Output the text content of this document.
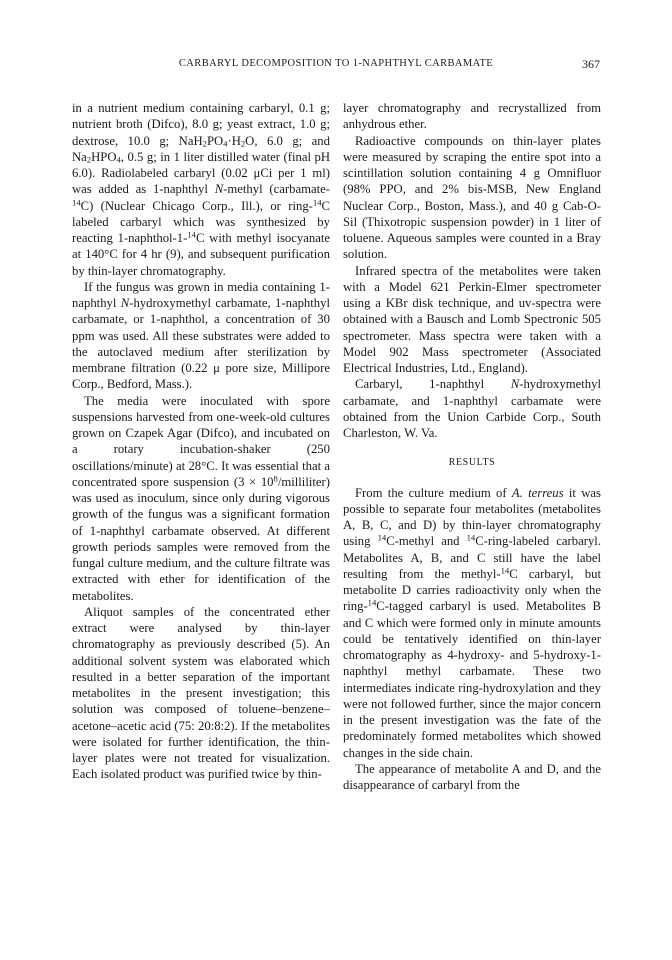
CARBARYL DECOMPOSITION TO 1-NAPHTHYL CARBAMATE	367

in a nutrient medium containing carbaryl, 0.1 g; nutrient broth (Difco), 8.0 g; yeast extract, 1.0 g; dextrose, 10.0 g; $NaH_2PO_4\cdot H_2O$, 6.0 g; and $Na_2HPO_4$, 0.5 g; in 1 liter distilled water (final pH 6.0). Radiolabeled carbaryl (0.02 μCi per 1 ml) was added as 1-naphthyl N-methyl (carbamate-$^{14}$C) (Nuclear Chicago Corp., Ill.), or ring-$^{14}$C labeled carbaryl which was synthesized by reacting 1-naphthol-1-$^{14}$C with methyl isocyanate at 140°C for 4 hr (9), and subsequent purification by thin-layer chromatography.

If the fungus was grown in media containing 1-naphthyl N-hydroxymethyl carbamate, 1-naphthyl carbamate, or 1-naphthol, a concentration of 30 ppm was used. All these substrates were added to the autoclaved medium after sterilization by membrane filtration (0.22 μ pore size, Millipore Corp., Bedford, Mass.).

The media were inoculated with spore suspensions harvested from one-week-old cultures grown on Czapek Agar (Difco), and incubated on a rotary incubation-shaker (250 oscillations/minute) at 28°C. It was essential that a concentrated spore suspension $(3 \times 10^8/milliliter)$ was used as inoculum, since only during vigorous growth of the fungus was a significant formation of 1-naphthyl carbamate observed. At different growth periods samples were removed from the fungal culture medium, and the culture filtrate was extracted with ether for identification of the metabolites.

Aliquot samples of the concentrated ether extract were analysed by thin-layer chromatography as previously described (5). An additional solvent system was elaborated which resulted in a better separation of the important metabolites in the present investigation; this solution was composed of toluene–benzene–acetone–acetic acid (75: 20:8:2). If the metabolites were isolated for further identification, the thin-layer plates were not treated for visualization. Each isolated product was purified twice by thin-

layer chromatography and recrystallized from anhydrous ether.

Radioactive compounds on thin-layer plates were measured by scraping the entire spot into a scintillation solution containing 4 g Omnifluor (98% PPO, and 2% bis-MSB, New England Nuclear Corp., Boston, Mass.), and 40 g Cab-O-Sil (Thixotropic suspension powder) in 1 liter of toluene. Aqueous samples were counted in a Bray solution.

Infrared spectra of the metabolites were taken with a Model 621 Perkin-Elmer spectrometer using a KBr disk technique, and uv-spectra were obtained with a Bausch and Lomb Spectronic 505 spectrometer. Mass spectra were taken with a Model 902 Mass spectrometer (Associated Electrical Industries, Ltd., England).

Carbaryl, 1-naphthyl N-hydroxymethyl carbamate, and 1-naphthyl carbamate were obtained from the Union Carbide Corp., South Charleston, W. Va.

RESULTS

From the culture medium of A. terreus it was possible to separate four metabolites (metabolites A, B, C, and D) by thin-layer chromatography using $^{14}$C-methyl and $^{14}$C-ring-labeled carbaryl. Metabolites A, B, and C still have the label resulting from the methyl-$^{14}$C carbaryl, but metabolite D carries radioactivity only when the ring-$^{14}$C-tagged carbaryl is used. Metabolites B and C which were formed only in minute amounts could be tentatively identified on thin-layer chromatography as 4-hydroxy- and 5-hydroxy-1-naphthyl methyl carbamate. These two intermediates indicate ring-hydroxylation and they were not followed further, since the major concern in the present investigation was the fate of the predominately formed metabolites which showed changes in the side chain.

The appearance of metabolite A and D, and the disappearance of carbaryl from the
